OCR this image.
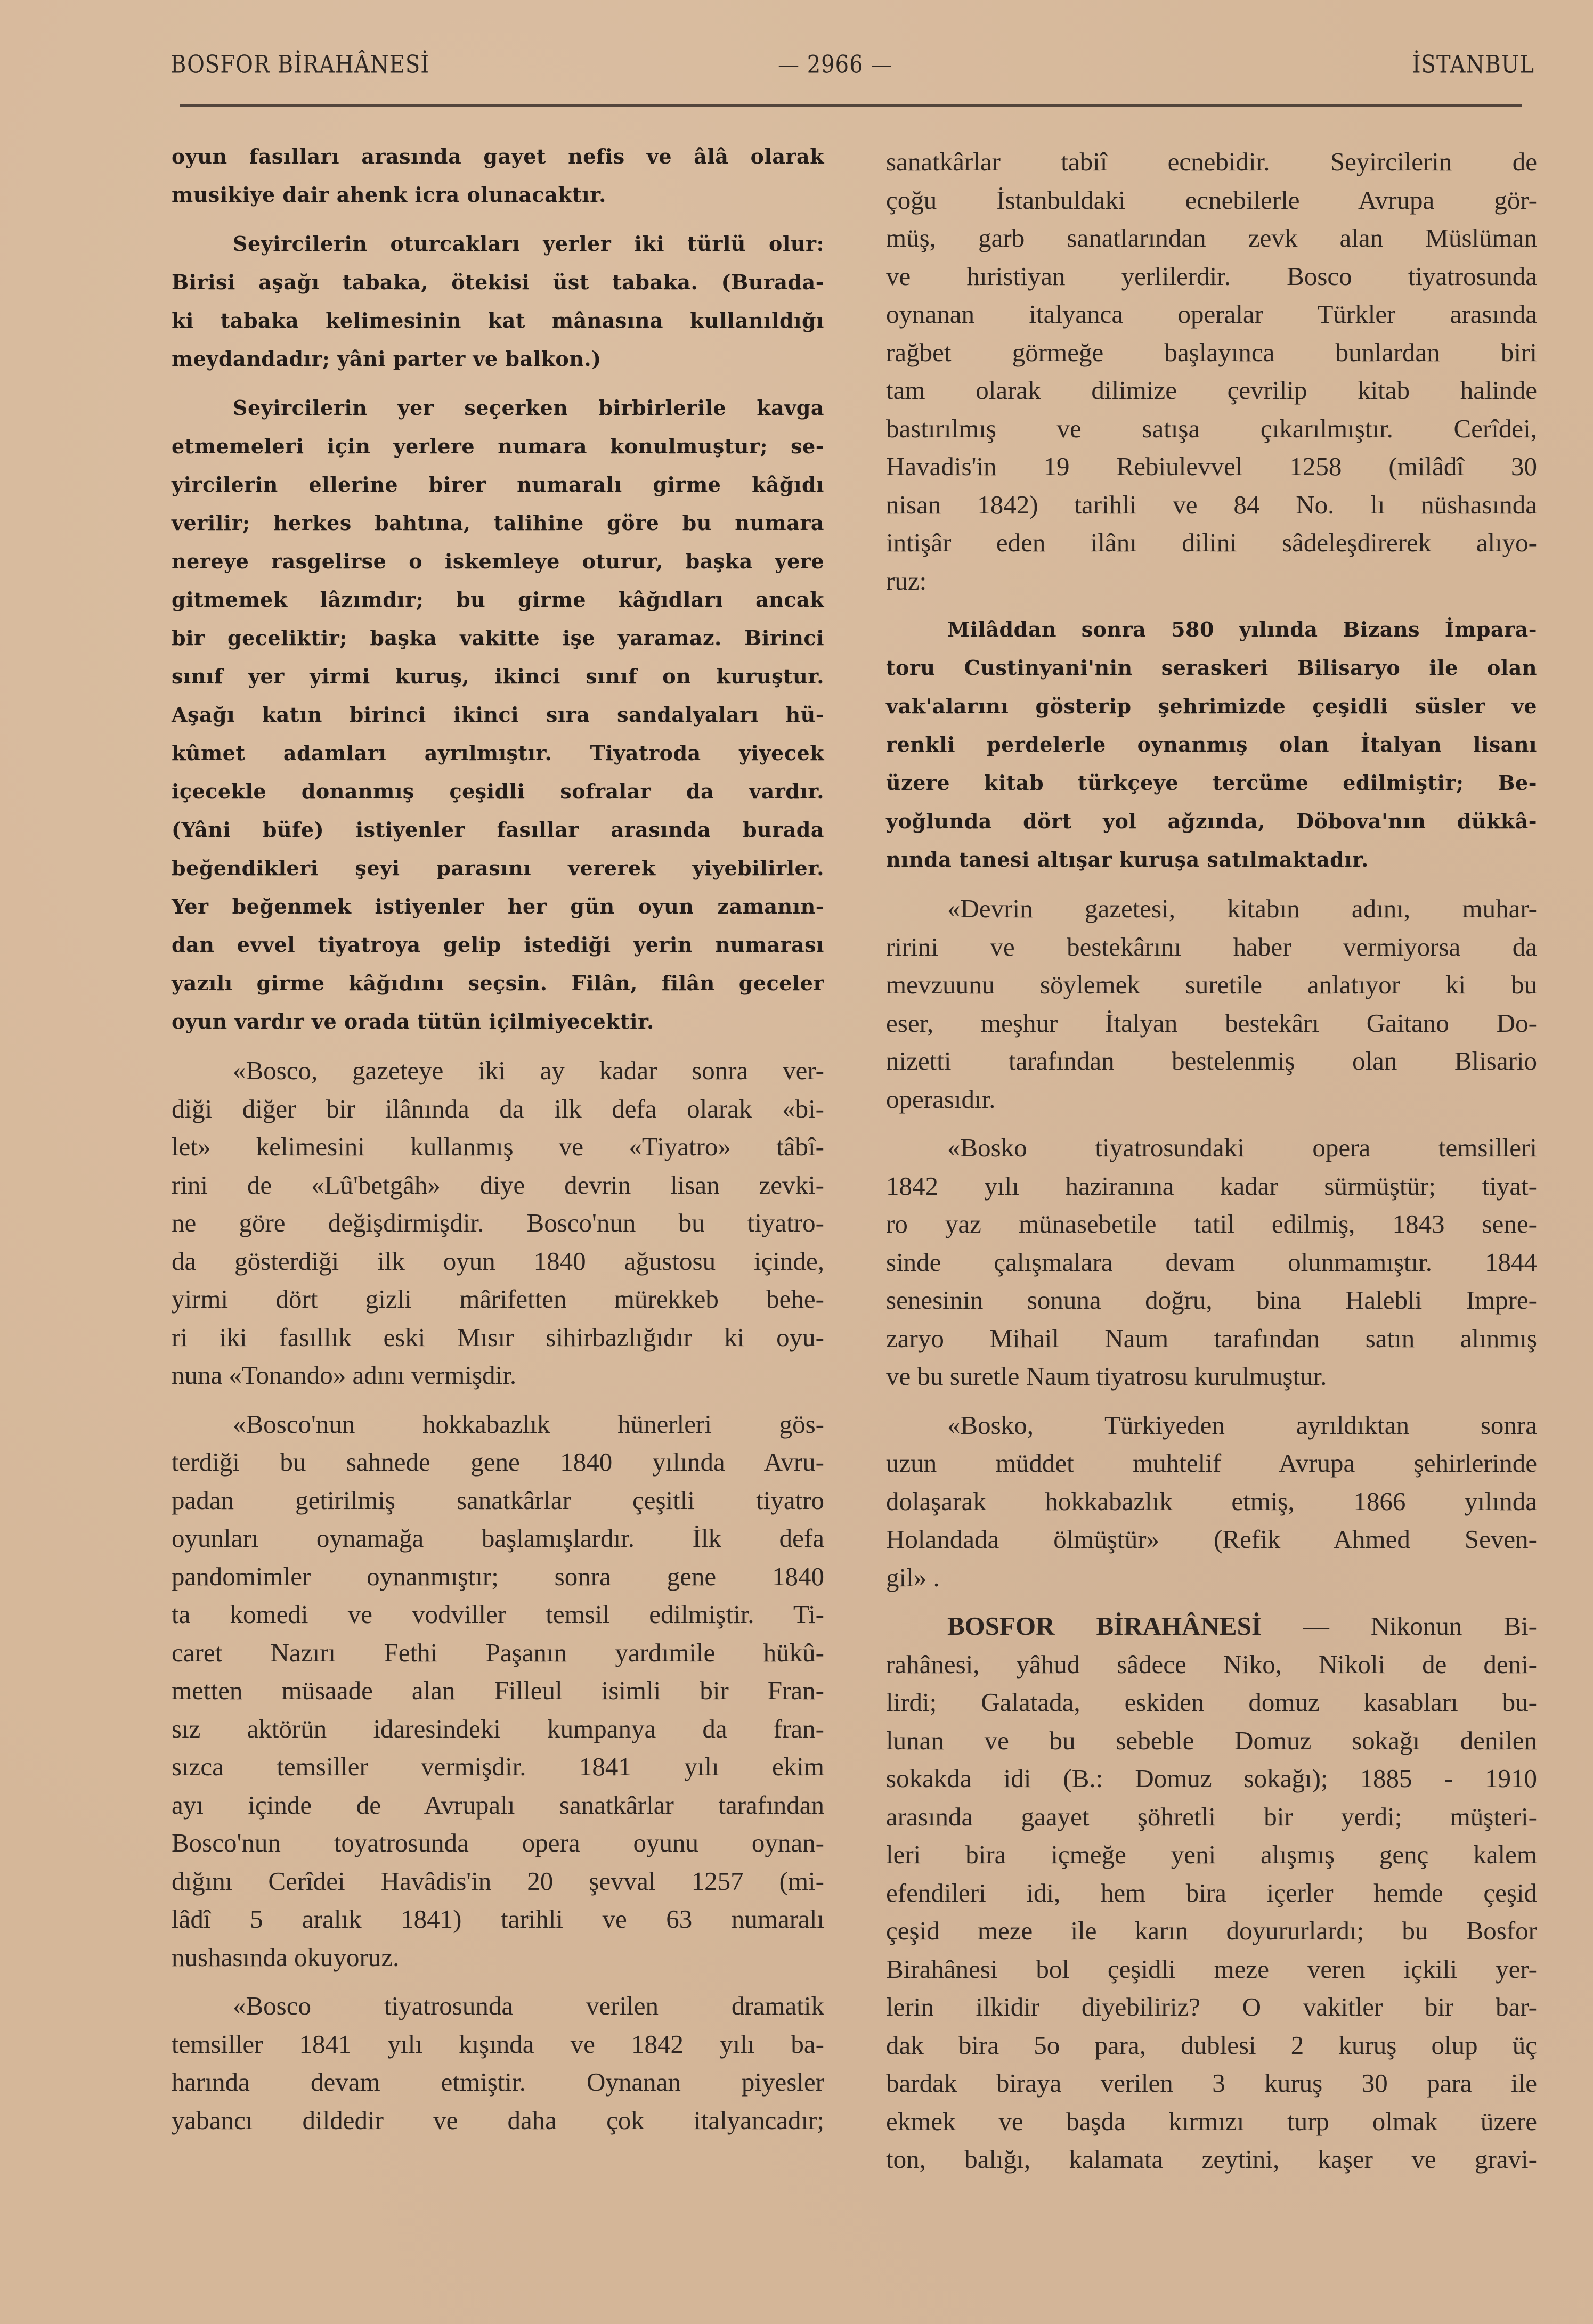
BOSFOR BİRAHÂNESİ	— 2966 —	İSTANBUL
oyun fasılları arasında gayet nefis ve âlâ olarak
musikiye dair ahenk icra olunacaktır.
Seyircilerin oturcakları yerler iki türlü olur:
Birisi aşağı tabaka, ötekisi üst tabaka. (Burada-
ki tabaka kelimesinin kat mânasına kullanıldığı
meydandadır; yâni parter ve balkon.)
Seyircilerin yer seçerken birbirlerile kavga
etmemeleri için yerlere numara konulmuştur; se-
yircilerin ellerine birer numaralı girme kâğıdı
verilir; herkes bahtına, talihine göre bu numara
nereye rasgelirse o iskemleye oturur, başka yere
gitmemek lâzımdır; bu girme kâğıdları ancak
bir geceliktir; başka vakitte işe yaramaz. Birinci
sınıf yer yirmi kuruş, ikinci sınıf on kuruştur.
Aşağı katın birinci ikinci sıra sandalyaları hü-
kûmet adamları ayrılmıştır. Tiyatroda yiyecek
içecekle donanmış çeşidli sofralar da vardır.
(Yâni büfe) istiyenler fasıllar arasında burada
beğendikleri şeyi parasını vererek yiyebilirler.
Yer beğenmek istiyenler her gün oyun zamanın-
dan evvel tiyatroya gelip istediği yerin numarası
yazılı girme kâğıdını seçsin. Filân, filân geceler
oyun vardır ve orada tütün içilmiyecektir.
«Bosco, gazeteye iki ay kadar sonra ver-
diği diğer bir ilânında da ilk defa olarak «bi-
let» kelimesini kullanmış ve «Tiyatro» tâbî-
rini de «Lû'betgâh» diye devrin lisan zevki-
ne göre değişdirmişdir. Bosco'nun bu tiyatro-
da gösterdiği ilk oyun 1840 ağustosu içinde,
yirmi dört gizli mârifetten mürekkeb behe-
ri iki fasıllık eski Mısır sihirbazlığıdır ki oyu-
nuna «Tonando» adını vermişdir.
«Bosco'nun hokkabazlık hünerleri gös-
terdiği bu sahnede gene 1840 yılında Avru-
padan getirilmiş sanatkârlar çeşitli tiyatro
oyunları oynamağa başlamışlardır. İlk defa
pandomimler oynanmıştır; sonra gene 1840
ta komedi ve vodviller temsil edilmiştir. Ti-
caret Nazırı Fethi Paşanın yardımile hükû-
metten müsaade alan Filleul isimli bir Fran-
sız aktörün idaresindeki kumpanya da fran-
sızca temsiller vermişdir. 1841 yılı ekim
ayı içinde de Avrupalı sanatkârlar tarafından
Bosco'nun toyatrosunda opera oyunu oynan-
dığını Cerîdei Havâdis'in 20 şevval 1257 (mi-
lâdî 5 aralık 1841) tarihli ve 63 numaralı
nushasında okuyoruz.
«Bosco tiyatrosunda verilen dramatik
temsiller 1841 yılı kışında ve 1842 yılı ba-
harında devam etmiştir. Oynanan piyesler
yabancı dildedir ve daha çok italyancadır;
sanatkârlar tabiî ecnebidir. Seyircilerin de
çoğu İstanbuldaki ecnebilerle Avrupa gör-
müş, garb sanatlarından zevk alan Müslüman
ve hıristiyan yerlilerdir. Bosco tiyatrosunda
oynanan italyanca operalar Türkler arasında
rağbet görmeğe başlayınca bunlardan biri
tam olarak dilimize çevrilip kitab halinde
bastırılmış ve satışa çıkarılmıştır. Cerîdei,
Havadis'in 19 Rebiulevvel 1258 (milâdî 30
nisan 1842) tarihli ve 84 No. lı nüshasında
intişâr eden ilânı dilini sâdeleşdirerek alıyo-
ruz:
Milâddan sonra 580 yılında Bizans İmpara-
toru Custinyani'nin seraskeri Bilisaryo ile olan
vak'alarını gösterip şehrimizde çeşidli süsler ve
renkli perdelerle oynanmış olan İtalyan lisanı
üzere kitab türkçeye tercüme edilmiştir; Be-
yoğlunda dört yol ağzında, Döbova'nın dükkâ-
nında tanesi altışar kuruşa satılmaktadır.
«Devrin gazetesi, kitabın adını, muhar-
ririni ve bestekârını haber vermiyorsa da
mevzuunu söylemek suretile anlatıyor ki bu
eser, meşhur İtalyan bestekârı Gaitano Do-
nizetti tarafından bestelenmiş olan Blisario
operasıdır.
«Bosko tiyatrosundaki opera temsilleri
1842 yılı haziranına kadar sürmüştür; tiyat-
ro yaz münasebetile tatil edilmiş, 1843 sene-
sinde çalışmalara devam olunmamıştır. 1844
senesinin sonuna doğru, bina Halebli Impre-
zaryo Mihail Naum tarafından satın alınmış
ve bu suretle Naum tiyatrosu kurulmuştur.
«Bosko, Türkiyeden ayrıldıktan sonra
uzun müddet muhtelif Avrupa şehirlerinde
dolaşarak hokkabazlık etmiş, 1866 yılında
Holandada ölmüştür» (Refik Ahmed Seven-
gil» .
BOSFOR BİRAHÂNESİ — Nikonun Bi-
rahânesi, yâhud sâdece Niko, Nikoli de deni-
lirdi; Galatada, eskiden domuz kasabları bu-
lunan ve bu sebeble Domuz sokağı denilen
sokakda idi (B.: Domuz sokağı); 1885 - 1910
arasında gaayet şöhretli bir yerdi; müşteri-
leri bira içmeğe yeni alışmış genç kalem
efendileri idi, hem bira içerler hemde çeşid
çeşid meze ile karın doyururlardı; bu Bosfor
Birahânesi bol çeşidli meze veren içkili yer-
lerin ilkidir diyebiliriz? O vakitler bir bar-
dak bira 5o para, dublesi 2 kuruş olup üç
bardak biraya verilen 3 kuruş 30 para ile
ekmek ve başda kırmızı turp olmak üzere
ton, balığı, kalamata zeytini, kaşer ve gravi-
